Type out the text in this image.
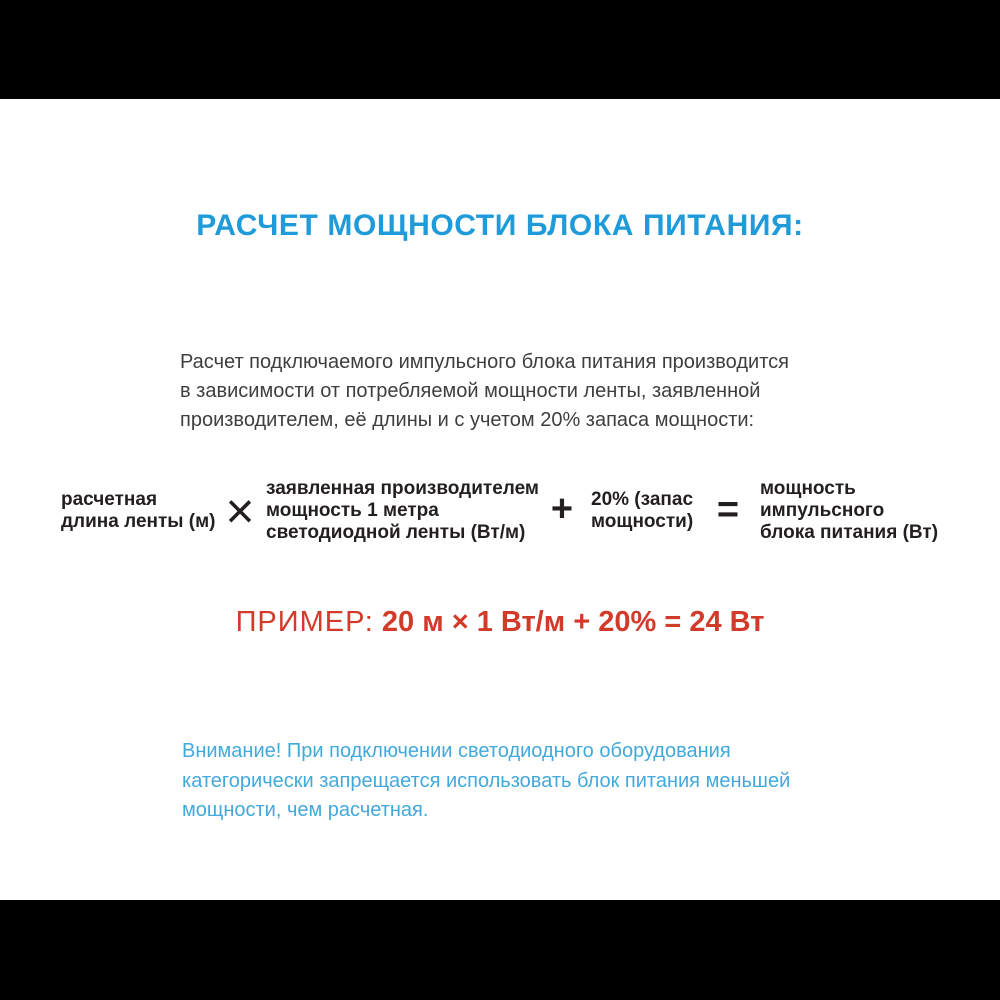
РАСЧЕТ МОЩНОСТИ БЛОКА ПИТАНИЯ:
Расчет подключаемого импульсного блока питания производится
в зависимости от потребляемой мощности ленты, заявленной
производителем, её длины и с учетом 20% запаса мощности:
расчетная
длина ленты (м) × заявленная производителем
мощность 1 метра
светодиодной ленты (Вт/м)
+ 20% (запас
мощности) =
мощность
импульсного
блока питания (Вт)
ПРИМЕР: 20 м × 1 Вт/м + 20% = 24 Вт
Внимание! При подключении светодиодного оборудования
категорически запрещается использовать блок питания меньшей
мощности, чем расчетная.
